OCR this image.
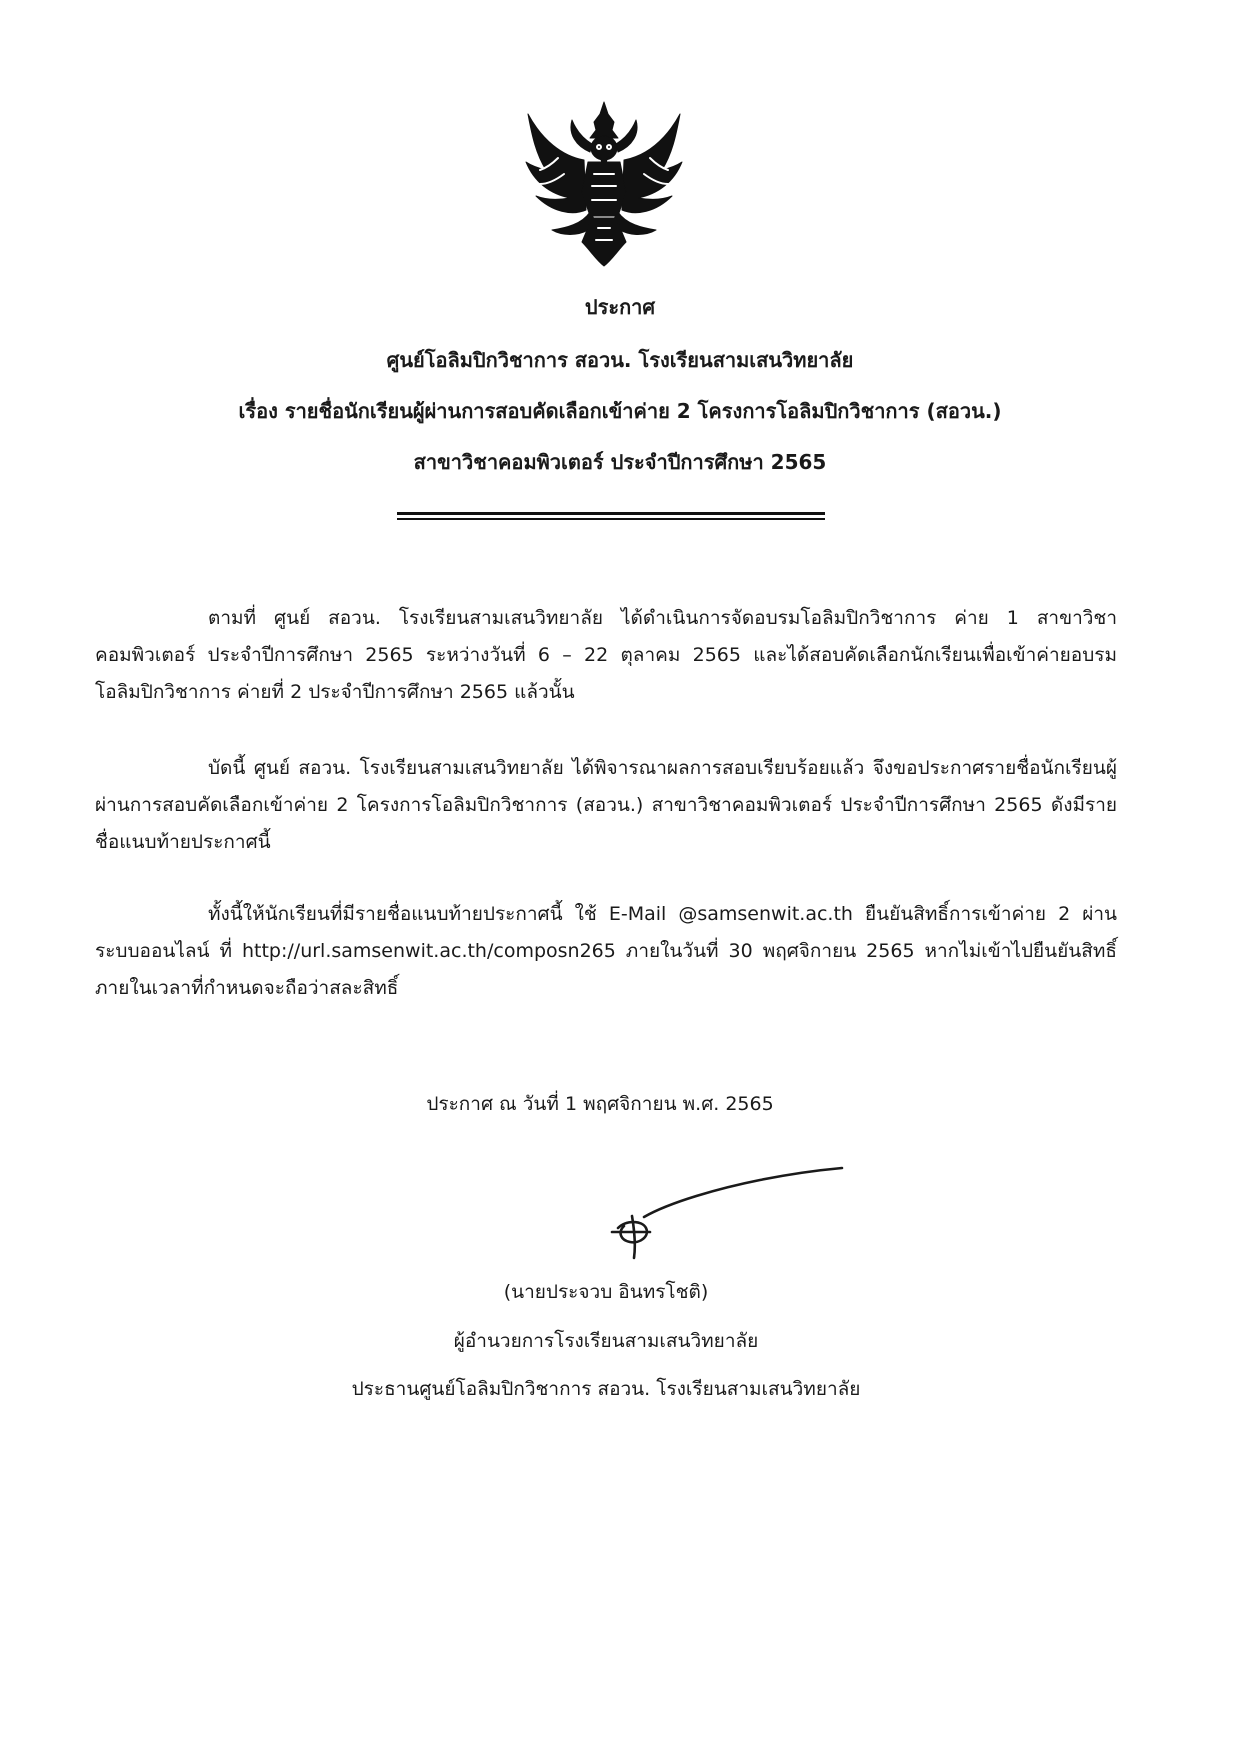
ประกาศ
ศูนย์โอลิมปิกวิชาการ สอวน. โรงเรียนสามเสนวิทยาลัย
เรื่อง รายชื่อนักเรียนผู้ผ่านการสอบคัดเลือกเข้าค่าย 2 โครงการโอลิมปิกวิชาการ (สอวน.)
สาขาวิชาคอมพิวเตอร์ ประจำปีการศึกษา 2565

ตามที่ ศูนย์ สอวน. โรงเรียนสามเสนวิทยาลัย ได้ดำเนินการจัดอบรมโอลิมปิกวิชาการ ค่าย 1 สาขาวิชาคอมพิวเตอร์ ประจำปีการศึกษา 2565 ระหว่างวันที่ 6 – 22 ตุลาคม 2565 และได้สอบคัดเลือกนักเรียนเพื่อเข้าค่ายอบรมโอลิมปิกวิชาการ ค่ายที่ 2 ประจำปีการศึกษา 2565 แล้วนั้น

บัดนี้ ศูนย์ สอวน. โรงเรียนสามเสนวิทยาลัย ได้พิจารณาผลการสอบเรียบร้อยแล้ว จึงขอประกาศรายชื่อนักเรียนผู้ผ่านการสอบคัดเลือกเข้าค่าย 2 โครงการโอลิมปิกวิชาการ (สอวน.) สาขาวิชาคอมพิวเตอร์ ประจำปีการศึกษา 2565 ดังมีรายชื่อแนบท้ายประกาศนี้

ทั้งนี้ให้นักเรียนที่มีรายชื่อแนบท้ายประกาศนี้ ใช้ E-Mail @samsenwit.ac.th ยืนยันสิทธิ์การเข้าค่าย 2 ผ่านระบบออนไลน์ ที่ http://url.samsenwit.ac.th/composn265 ภายในวันที่ 30 พฤศจิกายน 2565 หากไม่เข้าไปยืนยันสิทธิ์ภายในเวลาที่กำหนดจะถือว่าสละสิทธิ์

ประกาศ ณ วันที่ 1 พฤศจิกายน พ.ศ. 2565
(นายประจวบ อินทรโชติ)
ผู้อำนวยการโรงเรียนสามเสนวิทยาลัย
ประธานศูนย์โอลิมปิกวิชาการ สอวน. โรงเรียนสามเสนวิทยาลัย
